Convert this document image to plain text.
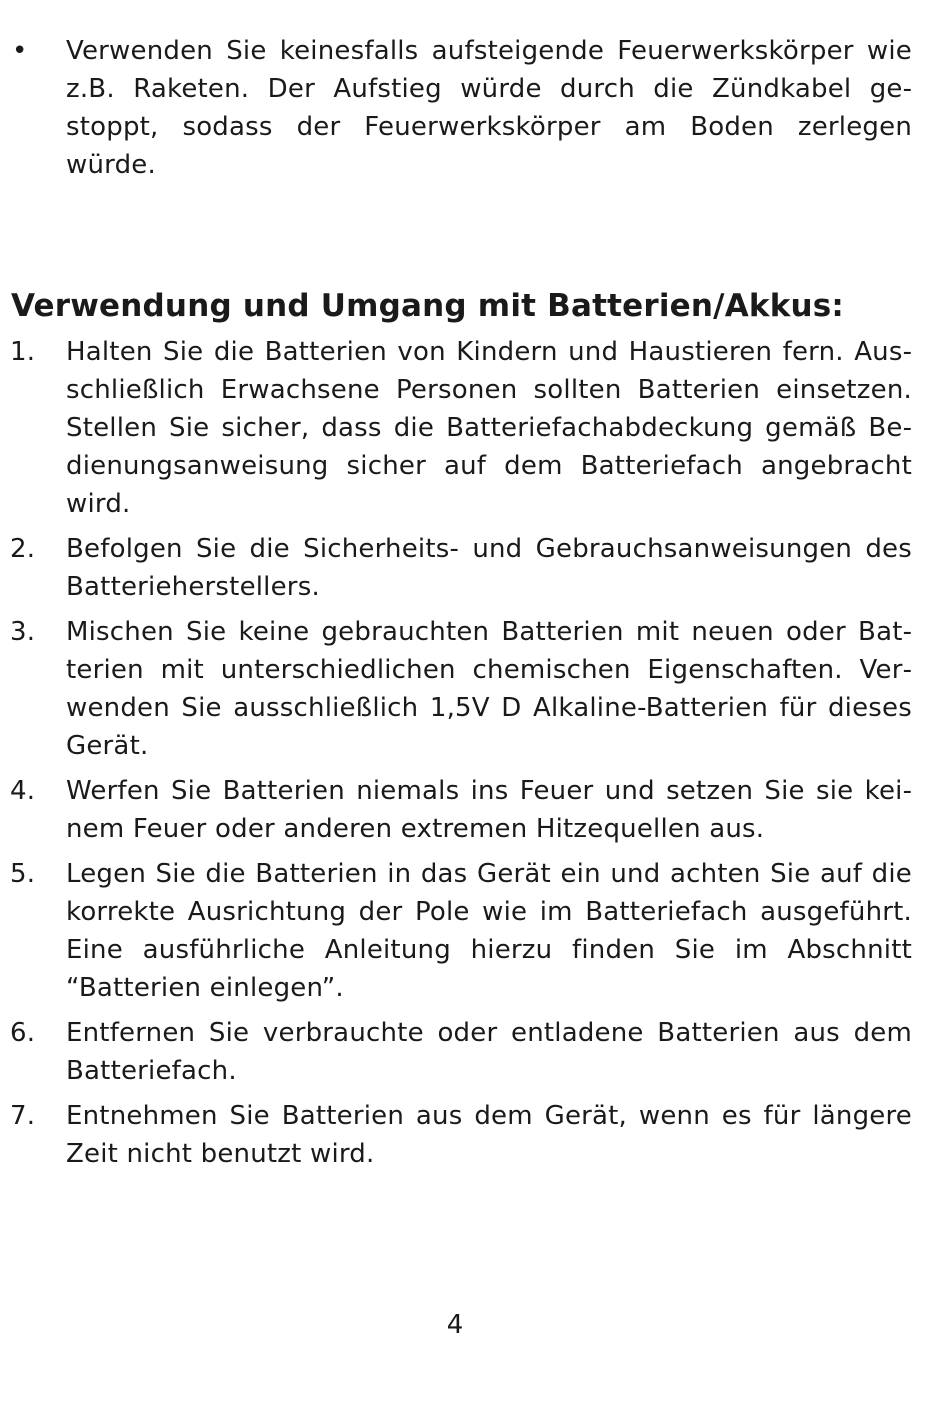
•	Verwenden Sie keinesfalls aufsteigende Feuerwerkskörper wie z.B. Raketen. Der Aufstieg würde durch die Zündkabel gestoppt, sodass der Feuerwerkskörper am Boden zerlegen würde.
Verwendung und Umgang mit Batterien/Akkus:
1.	Halten Sie die Batterien von Kindern und Haustieren fern. Ausschließlich Erwachsene Personen sollten Batterien einsetzen. Stellen Sie sicher, dass die Batteriefachabdeckung gemäß Bedienungsanweisung sicher auf dem Batteriefach angebracht wird.
2.	Befolgen Sie die Sicherheits- und Gebrauchsanweisungen des Batterieherstellers.
3.	Mischen Sie keine gebrauchten Batterien mit neuen oder Batterien mit unterschiedlichen chemischen Eigenschaften. Verwenden Sie ausschließlich 1,5V D Alkaline-Batterien für dieses Gerät.
4.	Werfen Sie Batterien niemals ins Feuer und setzen Sie sie keinem Feuer oder anderen extremen Hitzequellen aus.
5.	Legen Sie die Batterien in das Gerät ein und achten Sie auf die korrekte Ausrichtung der Pole wie im Batteriefach ausgeführt. Eine ausführliche Anleitung hierzu finden Sie im Abschnitt “Batterien einlegen”.
6.	Entfernen Sie verbrauchte oder entladene Batterien aus dem Batteriefach.
7.	Entnehmen Sie Batterien aus dem Gerät, wenn es für längere Zeit nicht benutzt wird.
4
